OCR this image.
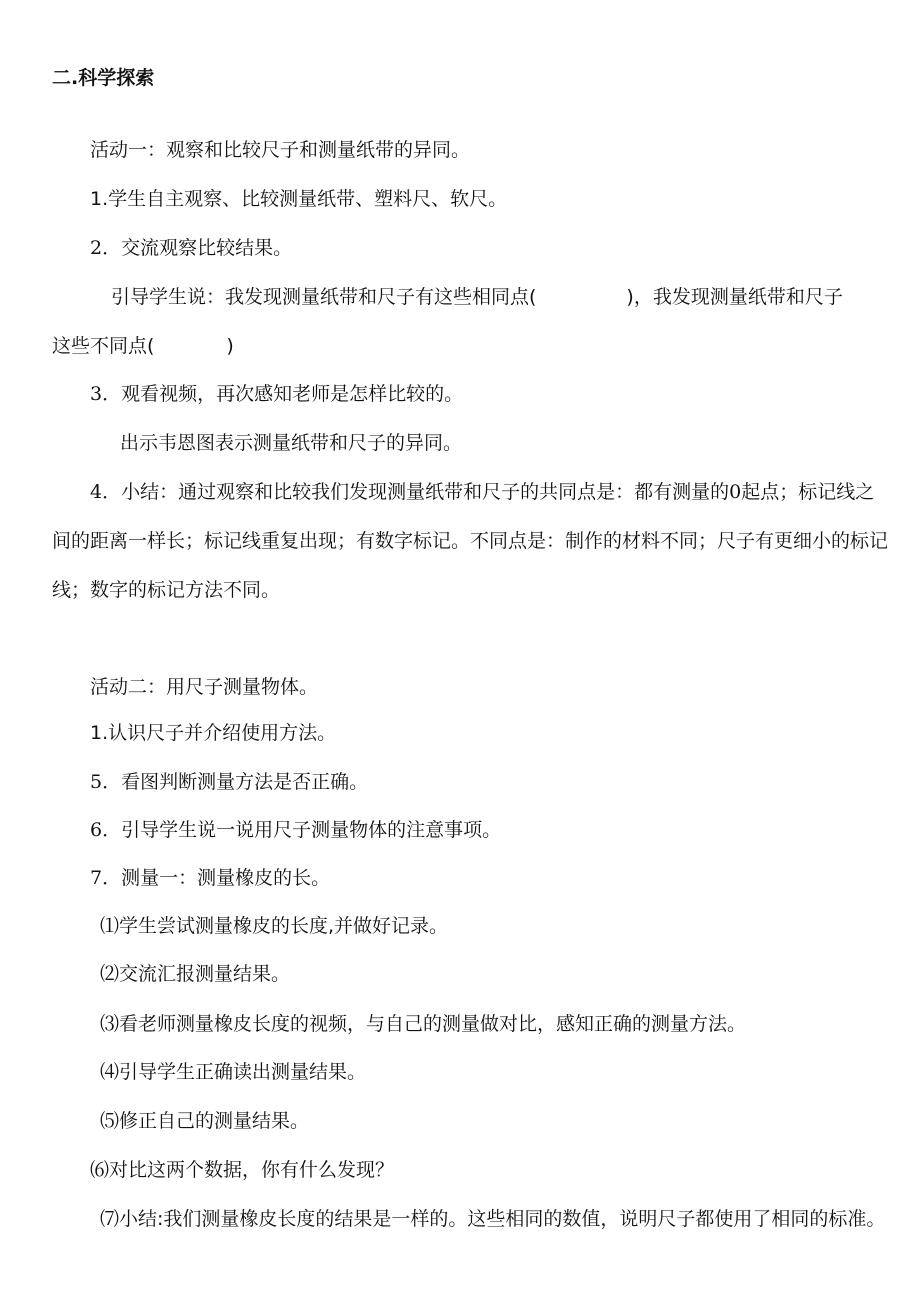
二.科学探索

活动一：观察和比较尺子和测量纸带的异同。

1.学生自主观察、比较测量纸带、塑料尺、软尺。

2．交流观察比较结果。

引导学生说：我发现测量纸带和尺子有这些相同点(	)，我发现测量纸带和尺子

这些不同点(	)

3．观看视频，再次感知老师是怎样比较的。

出示韦恩图表示测量纸带和尺子的异同。

4．小结：通过观察和比较我们发现测量纸带和尺子的共同点是：都有测量的0起点；标记线之

间的距离一样长；标记线重复出现；有数字标记。不同点是：制作的材料不同；尺子有更细小的标记

线；数字的标记方法不同。

活动二：用尺子测量物体。

1.认识尺子并介绍使用方法。

5．看图判断测量方法是否正确。

6．引导学生说一说用尺子测量物体的注意事项。

7．测量一：测量橡皮的长。

⑴学生尝试测量橡皮的长度,并做好记录。

⑵交流汇报测量结果。

⑶看老师测量橡皮长度的视频，与自己的测量做对比，感知正确的测量方法。

⑷引导学生正确读出测量结果。

⑸修正自己的测量结果。

⑹对比这两个数据，你有什么发现？

⑺小结:我们测量橡皮长度的结果是一样的。这些相同的数值，说明尺子都使用了相同的标准。
